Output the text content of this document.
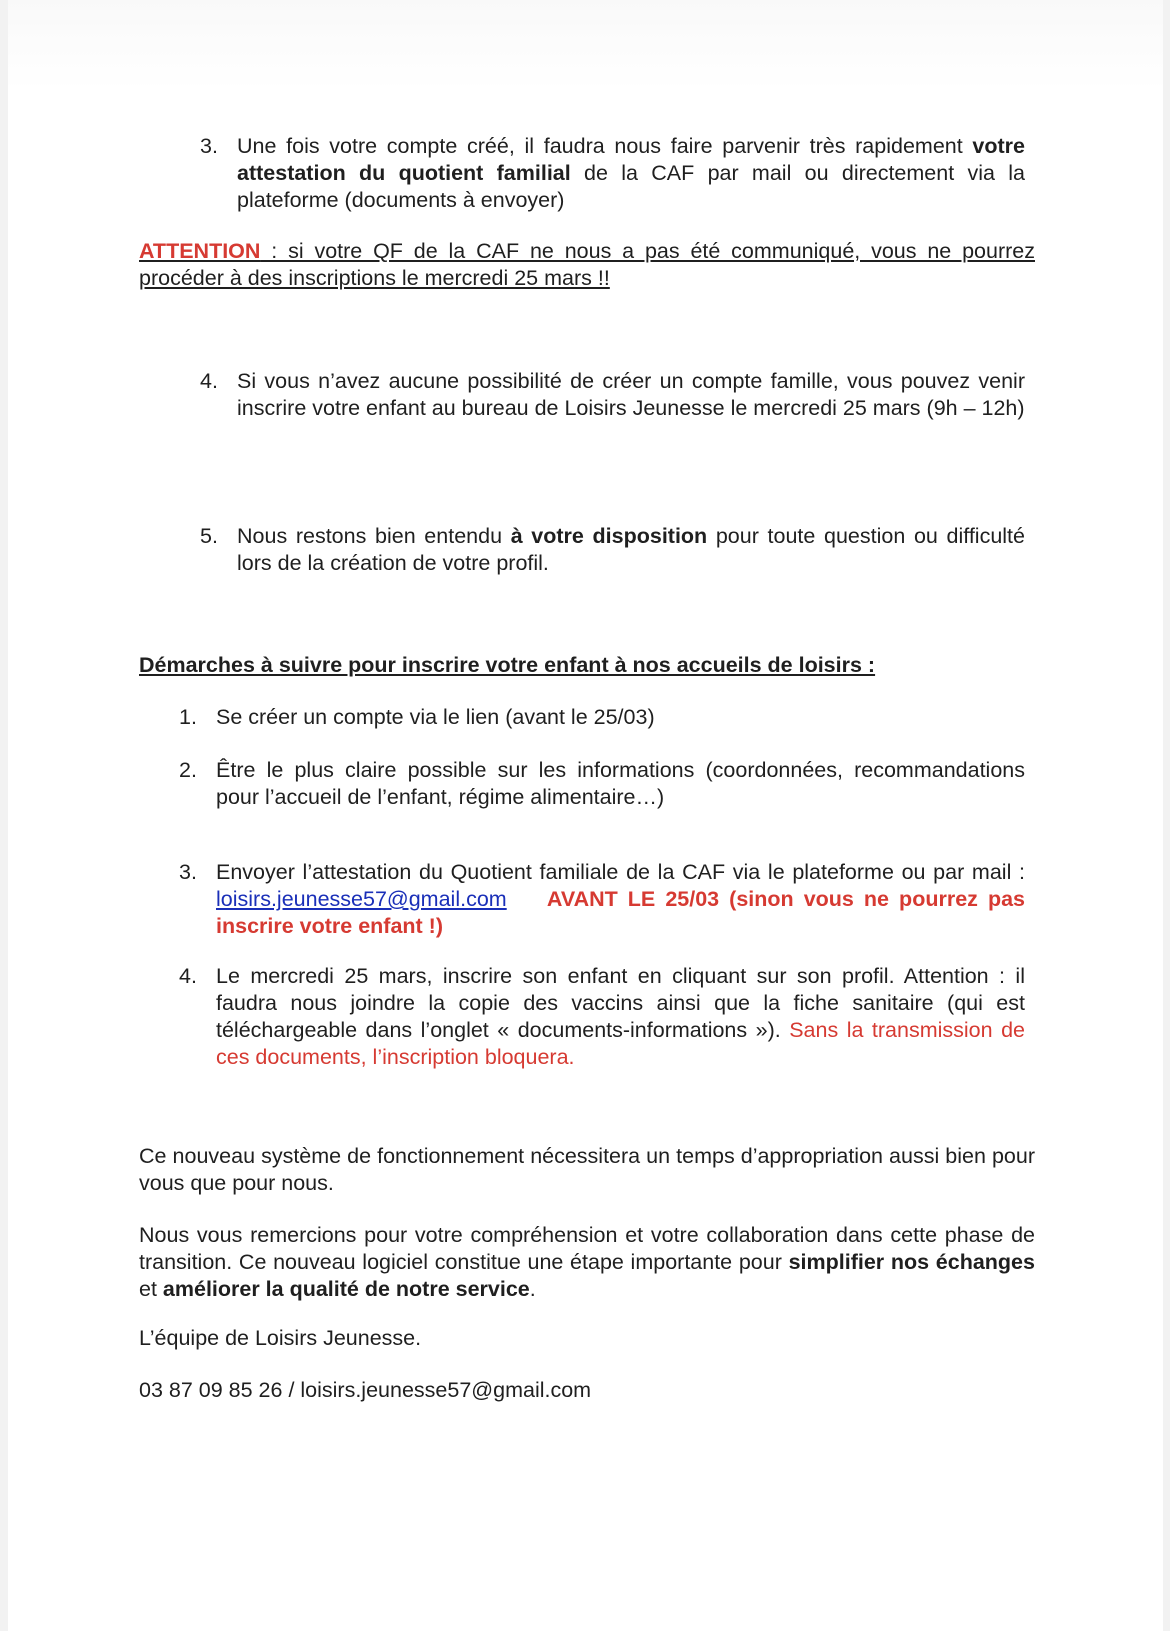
3. Une fois votre compte créé, il faudra nous faire parvenir très rapidement votre attestation du quotient familial de la CAF par mail ou directement via la plateforme (documents à envoyer)
ATTENTION : si votre QF de la CAF ne nous a pas été communiqué, vous ne pourrez procéder à des inscriptions le mercredi 25 mars !!
4. Si vous n’avez aucune possibilité de créer un compte famille, vous pouvez venir inscrire votre enfant au bureau de Loisirs Jeunesse le mercredi 25 mars (9h – 12h)
5. Nous restons bien entendu à votre disposition pour toute question ou difficulté lors de la création de votre profil.
Démarches à suivre pour inscrire votre enfant à nos accueils de loisirs :
1. Se créer un compte via le lien (avant le 25/03)
2. Être le plus claire possible sur les informations (coordonnées, recommandations pour l’accueil de l’enfant, régime alimentaire…)
3. Envoyer l’attestation du Quotient familiale de la CAF via le plateforme ou par mail : loisirs.jeunesse57@gmail.com AVANT LE 25/03 (sinon vous ne pourrez pas inscrire votre enfant !)
4. Le mercredi 25 mars, inscrire son enfant en cliquant sur son profil. Attention : il faudra nous joindre la copie des vaccins ainsi que la fiche sanitaire (qui est téléchargeable dans l’onglet « documents-informations »). Sans la transmission de ces documents, l’inscription bloquera.
Ce nouveau système de fonctionnement nécessitera un temps d’appropriation aussi bien pour vous que pour nous.
Nous vous remercions pour votre compréhension et votre collaboration dans cette phase de transition. Ce nouveau logiciel constitue une étape importante pour simplifier nos échanges et améliorer la qualité de notre service.
L’équipe de Loisirs Jeunesse.
03 87 09 85 26 / loisirs.jeunesse57@gmail.com
